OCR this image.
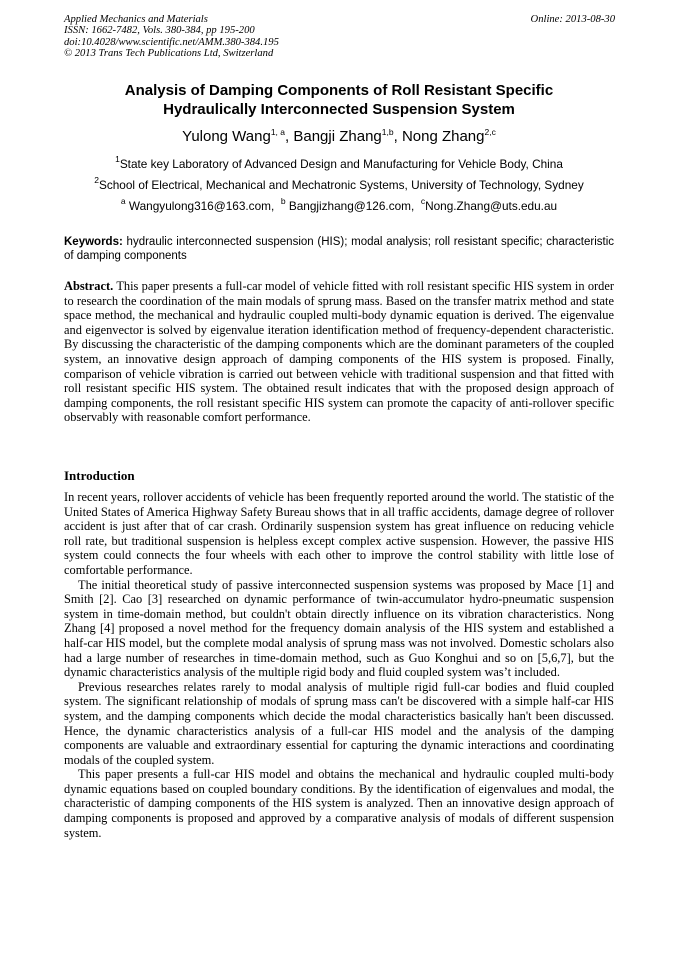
Applied Mechanics and Materials
ISSN: 1662-7482, Vols. 380-384, pp 195-200
doi:10.4028/www.scientific.net/AMM.380-384.195
© 2013 Trans Tech Publications Ltd, Switzerland
Online: 2013-08-30
Analysis of Damping Components of Roll Resistant Specific
Hydraulically Interconnected Suspension System
Yulong Wang$^{1, a}$, Bangji Zhang$^{1,b}$, Nong Zhang$^{2,c}$
$^1$State key Laboratory of Advanced Design and Manufacturing for Vehicle Body, China
$^2$School of Electrical, Mechanical and Mechatronic Systems, University of Technology, Sydney
$^a$ Wangyulong316@163.com, $^b$ Bangjizhang@126.com, $^c$Nong.Zhang@uts.edu.au
Keywords: hydraulic interconnected suspension (HIS); modal analysis; roll resistant specific; characteristic of damping components
Abstract. This paper presents a full-car model of vehicle fitted with roll resistant specific HIS system in order to research the coordination of the main modals of sprung mass. Based on the transfer matrix method and state space method, the mechanical and hydraulic coupled multi-body dynamic equation is derived. The eigenvalue and eigenvector is solved by eigenvalue iteration identification method of frequency-dependent characteristic. By discussing the characteristic of the damping components which are the dominant parameters of the coupled system, an innovative design approach of damping components of the HIS system is proposed. Finally, comparison of vehicle vibration is carried out between vehicle with traditional suspension and that fitted with roll resistant specific HIS system. The obtained result indicates that with the proposed design approach of damping components, the roll resistant specific HIS system can promote the capacity of anti-rollover specific observably with reasonable comfort performance.
Introduction

In recent years, rollover accidents of vehicle has been frequently reported around the world. The statistic of the United States of America Highway Safety Bureau shows that in all traffic accidents, damage degree of rollover accident is just after that of car crash. Ordinarily suspension system has great influence on reducing vehicle roll rate, but traditional suspension is helpless except complex active suspension. However, the passive HIS system could connects the four wheels with each other to improve the control stability with little lose of comfortable performance.

The initial theoretical study of passive interconnected suspension systems was proposed by Mace [1] and Smith [2]. Cao [3] researched on dynamic performance of twin-accumulator hydro-pneumatic suspension system in time-domain method, but couldn't obtain directly influence on its vibration characteristics. Nong Zhang [4] proposed a novel method for the frequency domain analysis of the HIS system and established a half-car HIS model, but the complete modal analysis of sprung mass was not involved. Domestic scholars also had a large number of researches in time-domain method, such as Guo Konghui and so on [5,6,7], but the dynamic characteristics analysis of the multiple rigid body and fluid coupled system was’t included.

Previous researches relates rarely to modal analysis of multiple rigid full-car bodies and fluid coupled system. The significant relationship of modals of sprung mass can't be discovered with a simple half-car HIS system, and the damping components which decide the modal characteristics basically han't been discussed. Hence, the dynamic characteristics analysis of a full-car HIS model and the analysis of the damping components are valuable and extraordinary essential for capturing the dynamic interactions and coordinating modals of the coupled system.

This paper presents a full-car HIS model and obtains the mechanical and hydraulic coupled multi-body dynamic equations based on coupled boundary conditions. By the identification of eigenvalues and modal, the characteristic of damping components of the HIS system is analyzed. Then an innovative design approach of damping components is proposed and approved by a comparative analysis of modals of different suspension system.
